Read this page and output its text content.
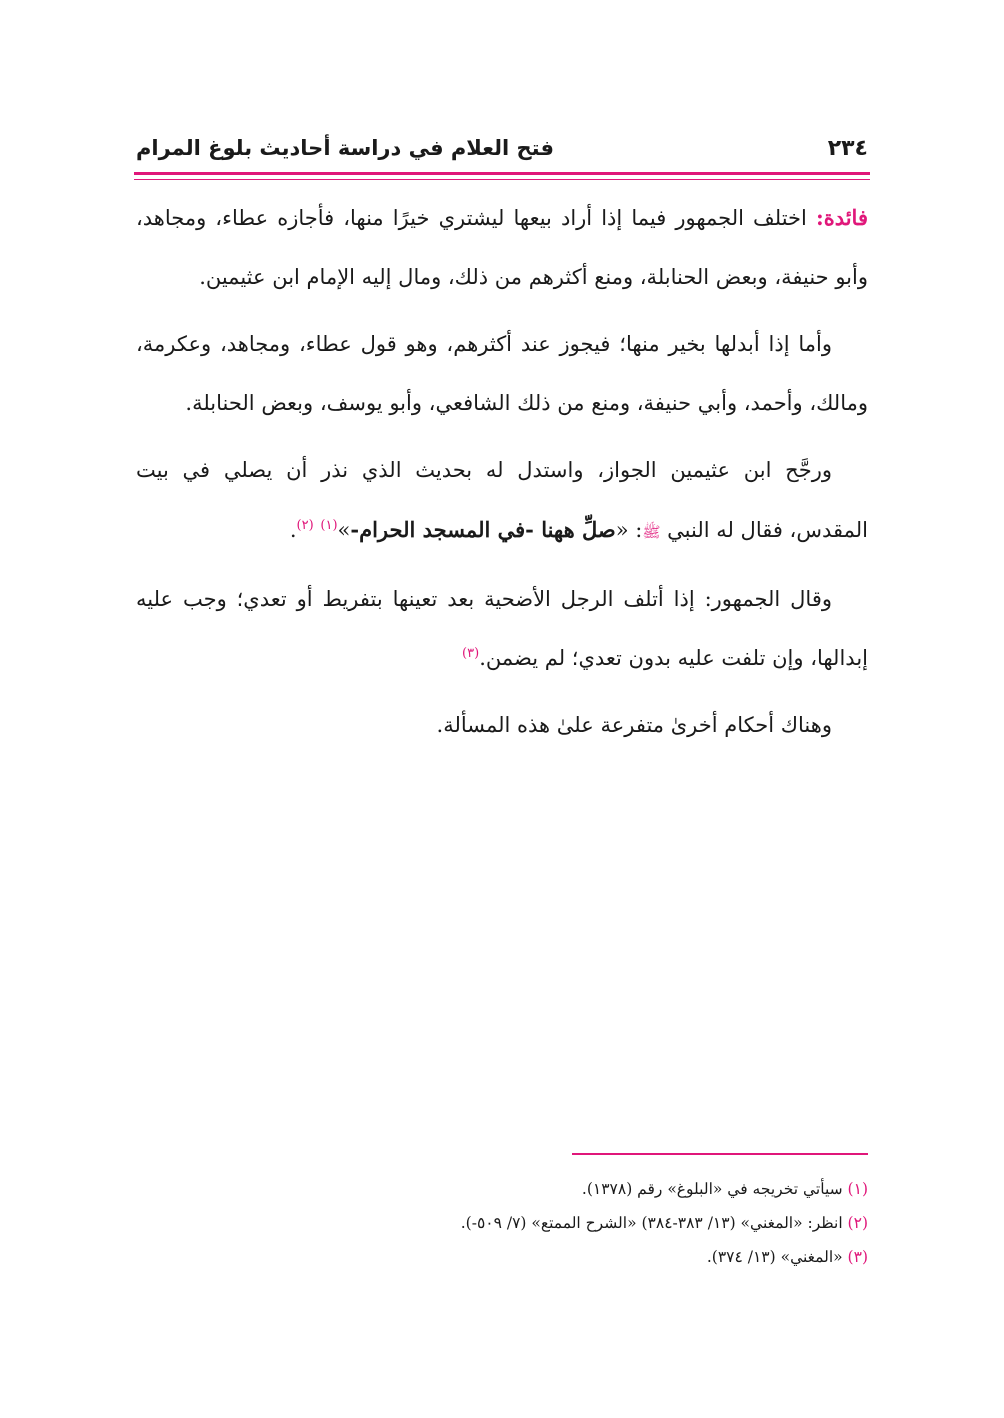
٢٣٤
فتح العلام في دراسة أحاديث بلوغ المرام

فائدة: اختلف الجمهور فيما إذا أراد بيعها ليشتري خيرًا منها، فأجازه عطاء، ومجاهد، وأبو حنيفة، وبعض الحنابلة، ومنع أكثرهم من ذلك، ومال إليه الإمام ابن عثيمين.

وأما إذا أبدلها بخير منها؛ فيجوز عند أكثرهم، وهو قول عطاء، ومجاهد، وعكرمة، ومالك، وأحمد، وأبي حنيفة، ومنع من ذلك الشافعي، وأبو يوسف، وبعض الحنابلة.

ورجَّح ابن عثيمين الجواز، واستدل له بحديث الذي نذر أن يصلي في بيت المقدس، فقال له النبي ﷺ: «صلِّ ههنا -في المسجد الحرام-»$^{(١)}$ $^{(٢)}$.

وقال الجمهور: إذا أتلف الرجل الأضحية بعد تعينها بتفريط أو تعدي؛ وجب عليه إبدالها، وإن تلفت عليه بدون تعدي؛ لم يضمن.$^{(٣)}$

وهناك أحكام أخرىٰ متفرعة علىٰ هذه المسألة.

(١) سيأتي تخريجه في «البلوغ» رقم (١٣٧٨).
(٢) انظر: «المغني» (١٣/ ٣٨٣-٣٨٤) «الشرح الممتع» (٧/ ٥٠٩-).
(٣) «المغني» (١٣/ ٣٧٤).
